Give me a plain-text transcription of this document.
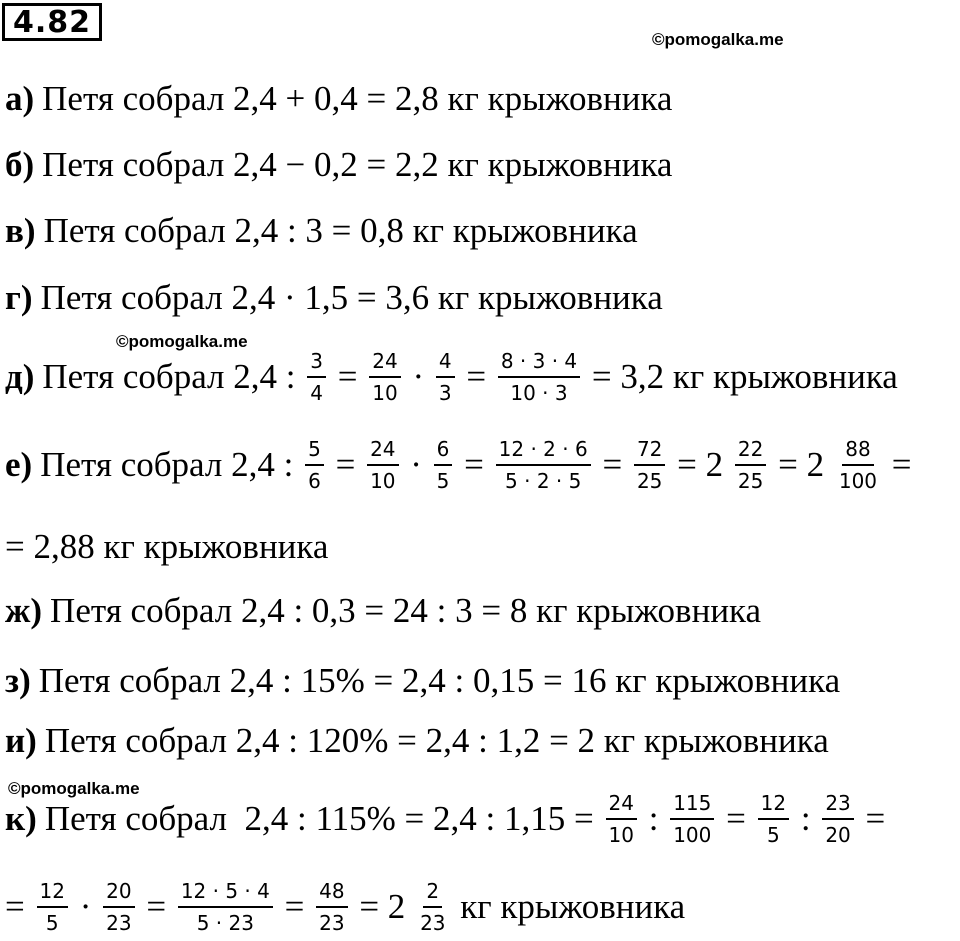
4.82	©pomogalka.me
©pomogalka.me
©pomogalka.me
а) Петя собрал 2,4 + 0,4 = 2,8 кг крыжовника
б) Петя собрал 2,4 − 0,2 = 2,2 кг крыжовника
в) Петя собрал 2,4 : 3 = 0,8 кг крыжовника
г) Петя собрал 2,4 · 1,5 = 3,6 кг крыжовника
д) Петя собрал 2,4 : $\frac{3}{4} = \frac{24}{10} \cdot \frac{4}{3} = \frac{8 \cdot 3 \cdot 4}{10 \cdot 3} = 3,2$ кг крыжовника
е) Петя собрал 2,4 : $\frac{5}{6} = \frac{24}{10} \cdot \frac{6}{5} = \frac{12 \cdot 2 \cdot 6}{5 \cdot 2 \cdot 5} = \frac{72}{25} = 2 \frac{22}{25} = 2 \frac{88}{100}$ =
= 2,88 кг крыжовника
ж) Петя собрал 2,4 : 0,3 = 24 : 3 = 8 кг крыжовника
з) Петя собрал 2,4 : 15% = 2,4 : 0,15 = 16 кг крыжовника
и) Петя собрал 2,4 : 120% = 2,4 : 1,2 = 2 кг крыжовника
к) Петя собрал  2,4 : 115% = 2,4 : $1,15 = \frac{24}{10}$ : $\frac{115}{100} = \frac{12}{5}$ : $\frac{23}{20}$ =
= $\frac{12}{5} \cdot \frac{20}{23} = \frac{12 \cdot 5 \cdot 4}{5 \cdot 23} = \frac{48}{23} = 2 \frac{2}{23}$ кг крыжовника
